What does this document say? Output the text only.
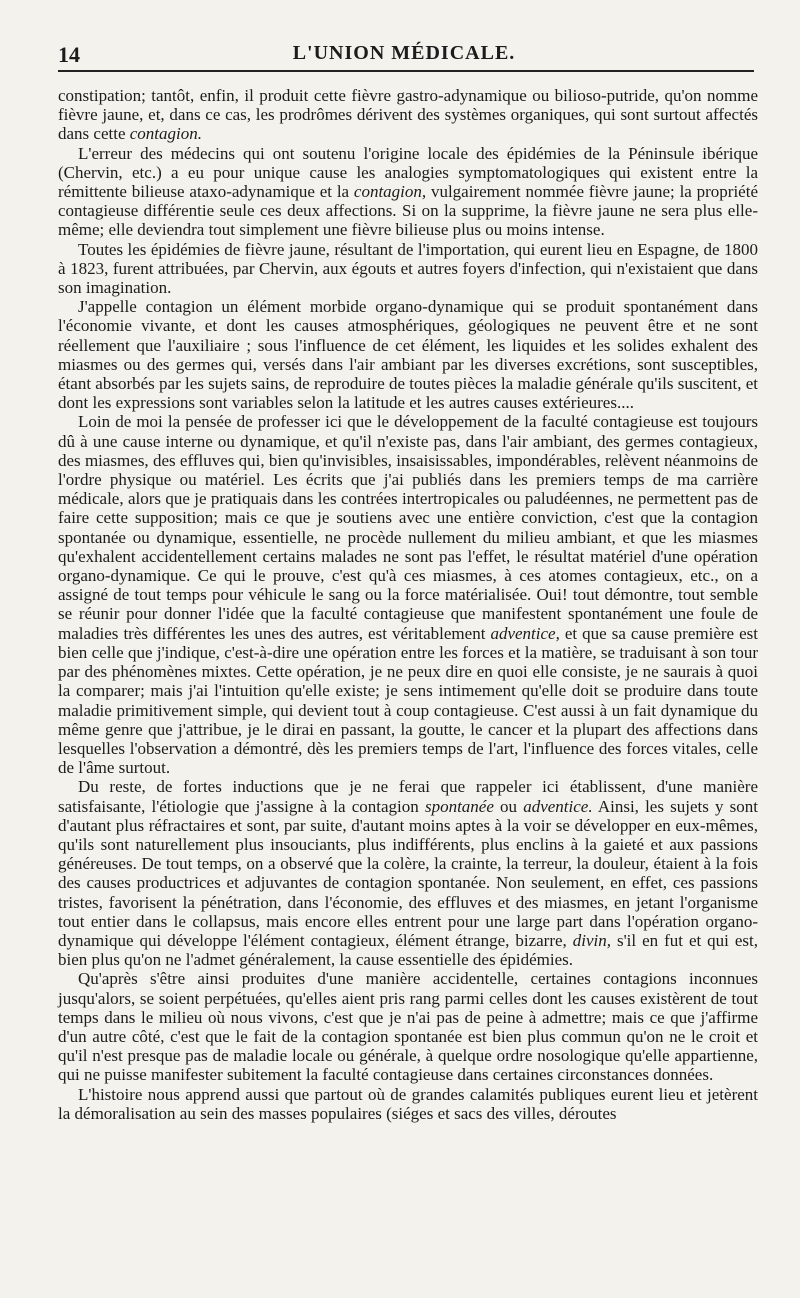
14	L'UNION MÉDICALE.

constipation; tantôt, enfin, il produit cette fièvre gastro-adynamique ou bilioso-putride, qu'on nomme fièvre jaune, et, dans ce cas, les prodrômes dérivent des systèmes organiques, qui sont surtout affectés dans cette contagion.

L'erreur des médecins qui ont soutenu l'origine locale des épidémies de la Péninsule ibérique (Chervin, etc.) a eu pour unique cause les analogies symptomatologiques qui existent entre la rémittente bilieuse ataxo-adynamique et la contagion, vulgairement nommée fièvre jaune; la propriété contagieuse différentie seule ces deux affections. Si on la supprime, la fièvre jaune ne sera plus elle-même; elle deviendra tout simplement une fièvre bilieuse plus ou moins intense.

Toutes les épidémies de fièvre jaune, résultant de l'importation, qui eurent lieu en Espagne, de 1800 à 1823, furent attribuées, par Chervin, aux égouts et autres foyers d'infection, qui n'existaient que dans son imagination.

J'appelle contagion un élément morbide organo-dynamique qui se produit spontanément dans l'économie vivante, et dont les causes atmosphériques, géologiques ne peuvent être et ne sont réellement que l'auxiliaire ; sous l'influence de cet élément, les liquides et les solides exhalent des miasmes ou des germes qui, versés dans l'air ambiant par les diverses excrétions, sont susceptibles, étant absorbés par les sujets sains, de reproduire de toutes pièces la maladie générale qu'ils suscitent, et dont les expressions sont variables selon la latitude et les autres causes extérieures....

Loin de moi la pensée de professer ici que le développement de la faculté contagieuse est toujours dû à une cause interne ou dynamique, et qu'il n'existe pas, dans l'air ambiant, des germes contagieux, des miasmes, des effluves qui, bien qu'invisibles, insaisissables, impondérables, relèvent néanmoins de l'ordre physique ou matériel. Les écrits que j'ai publiés dans les premiers temps de ma carrière médicale, alors que je pratiquais dans les contrées intertropicales ou paludéennes, ne permettent pas de faire cette supposition; mais ce que je soutiens avec une entière conviction, c'est que la contagion spontanée ou dynamique, essentielle, ne procède nullement du milieu ambiant, et que les miasmes qu'exhalent accidentellement certains malades ne sont pas l'effet, le résultat matériel d'une opération organo-dynamique. Ce qui le prouve, c'est qu'à ces miasmes, à ces atomes contagieux, etc., on a assigné de tout temps pour véhicule le sang ou la force matérialisée. Oui! tout démontre, tout semble se réunir pour donner l'idée que la faculté contagieuse que manifestent spontanément une foule de maladies très différentes les unes des autres, est véritablement adventice, et que sa cause première est bien celle que j'indique, c'est-à-dire une opération entre les forces et la matière, se traduisant à son tour par des phénomènes mixtes. Cette opération, je ne peux dire en quoi elle consiste, je ne saurais à quoi la comparer; mais j'ai l'intuition qu'elle existe; je sens intimement qu'elle doit se produire dans toute maladie primitivement simple, qui devient tout à coup contagieuse. C'est aussi à un fait dynamique du même genre que j'attribue, je le dirai en passant, la goutte, le cancer et la plupart des affections dans lesquelles l'observation a démontré, dès les premiers temps de l'art, l'influence des forces vitales, celle de l'âme surtout.

Du reste, de fortes inductions que je ne ferai que rappeler ici établissent, d'une manière satisfaisante, l'étiologie que j'assigne à la contagion spontanée ou adventice. Ainsi, les sujets y sont d'autant plus réfractaires et sont, par suite, d'autant moins aptes à la voir se développer en eux-mêmes, qu'ils sont naturellement plus insouciants, plus indifférents, plus enclins à la gaieté et aux passions généreuses. De tout temps, on a observé que la colère, la crainte, la terreur, la douleur, étaient à la fois des causes productrices et adjuvantes de contagion spontanée. Non seulement, en effet, ces passions tristes, favorisent la pénétration, dans l'économie, des effluves et des miasmes, en jetant l'organisme tout entier dans le collapsus, mais encore elles entrent pour une large part dans l'opération organo-dynamique qui développe l'élément contagieux, élément étrange, bizarre, divin, s'il en fut et qui est, bien plus qu'on ne l'admet généralement, la cause essentielle des épidémies.

Qu'après s'être ainsi produites d'une manière accidentelle, certaines contagions inconnues jusqu'alors, se soient perpétuées, qu'elles aient pris rang parmi celles dont les causes existèrent de tout temps dans le milieu où nous vivons, c'est que je n'ai pas de peine à admettre; mais ce que j'affirme d'un autre côté, c'est que le fait de la contagion spontanée est bien plus commun qu'on ne le croit et qu'il n'est presque pas de maladie locale ou générale, à quelque ordre nosologique qu'elle appartienne, qui ne puisse manifester subitement la faculté contagieuse dans certaines circonstances données.

L'histoire nous apprend aussi que partout où de grandes calamités publiques eurent lieu et jetèrent la démoralisation au sein des masses populaires (siéges et sacs des villes, déroutes
